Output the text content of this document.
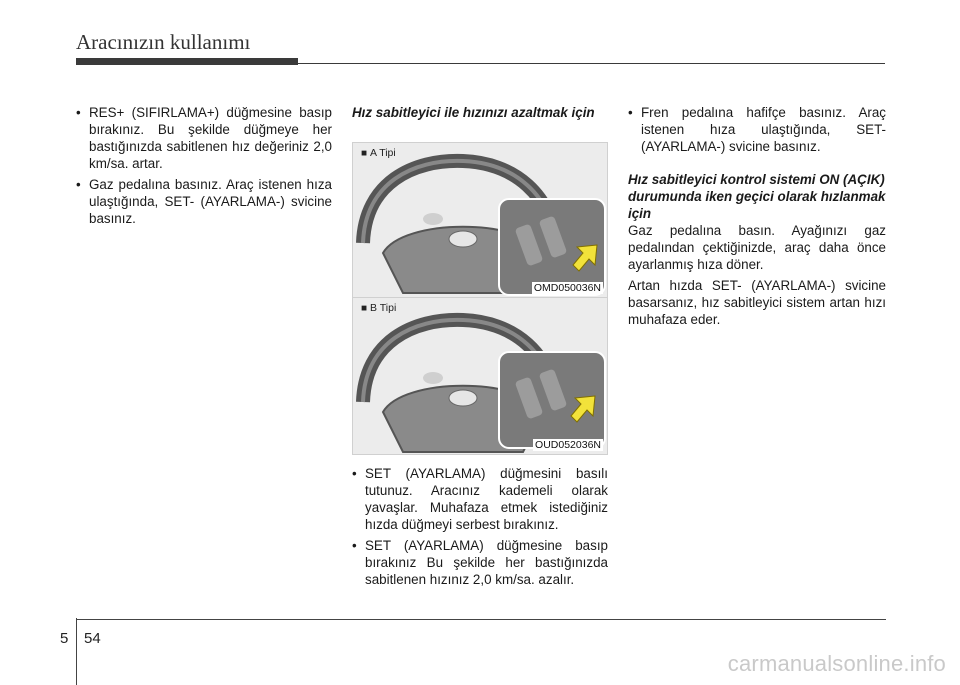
Aracınızın kullanımı
• RES+ (SIFIRLAMA+) düğmesine basıp bırakınız. Bu şekilde düğmeye her bastığınızda sabitlenen hız değeriniz 2,0 km/sa. artar.
• Gaz pedalına basınız. Araç istenen hıza ulaştığında, SET- (AYARLAMA-) svicine basınız.
Hız sabitleyici ile hızınızı azaltmak için
■ A Tipi
OMD050036N
■ B Tipi
OUD052036N
• SET (AYARLAMA) düğmesini basılı tutunuz. Aracınız kademeli olarak yavaşlar. Muhafaza etmek istediğiniz hızda düğmeyi serbest bırakınız.
• SET (AYARLAMA) düğmesine basıp bırakınız Bu şekilde her bastığınızda sabitlenen hızınız 2,0 km/sa. azalır.
• Fren pedalına hafifçe basınız. Araç istenen hıza ulaştığında, SET- (AYARLAMA-) svicine basınız.
Hız sabitleyici kontrol sistemi ON (AÇIK) durumunda iken geçici olarak hızlanmak için

Gaz pedalına basın. Ayağınızı gaz pedalından çektiğinizde, araç daha önce ayarlanmış hıza döner.

Artan hızda SET- (AYARLAMA-) svicine basarsanız, hız sabitleyici sistem artan hızı muhafaza eder.

5 54
carmanualsonline.info
